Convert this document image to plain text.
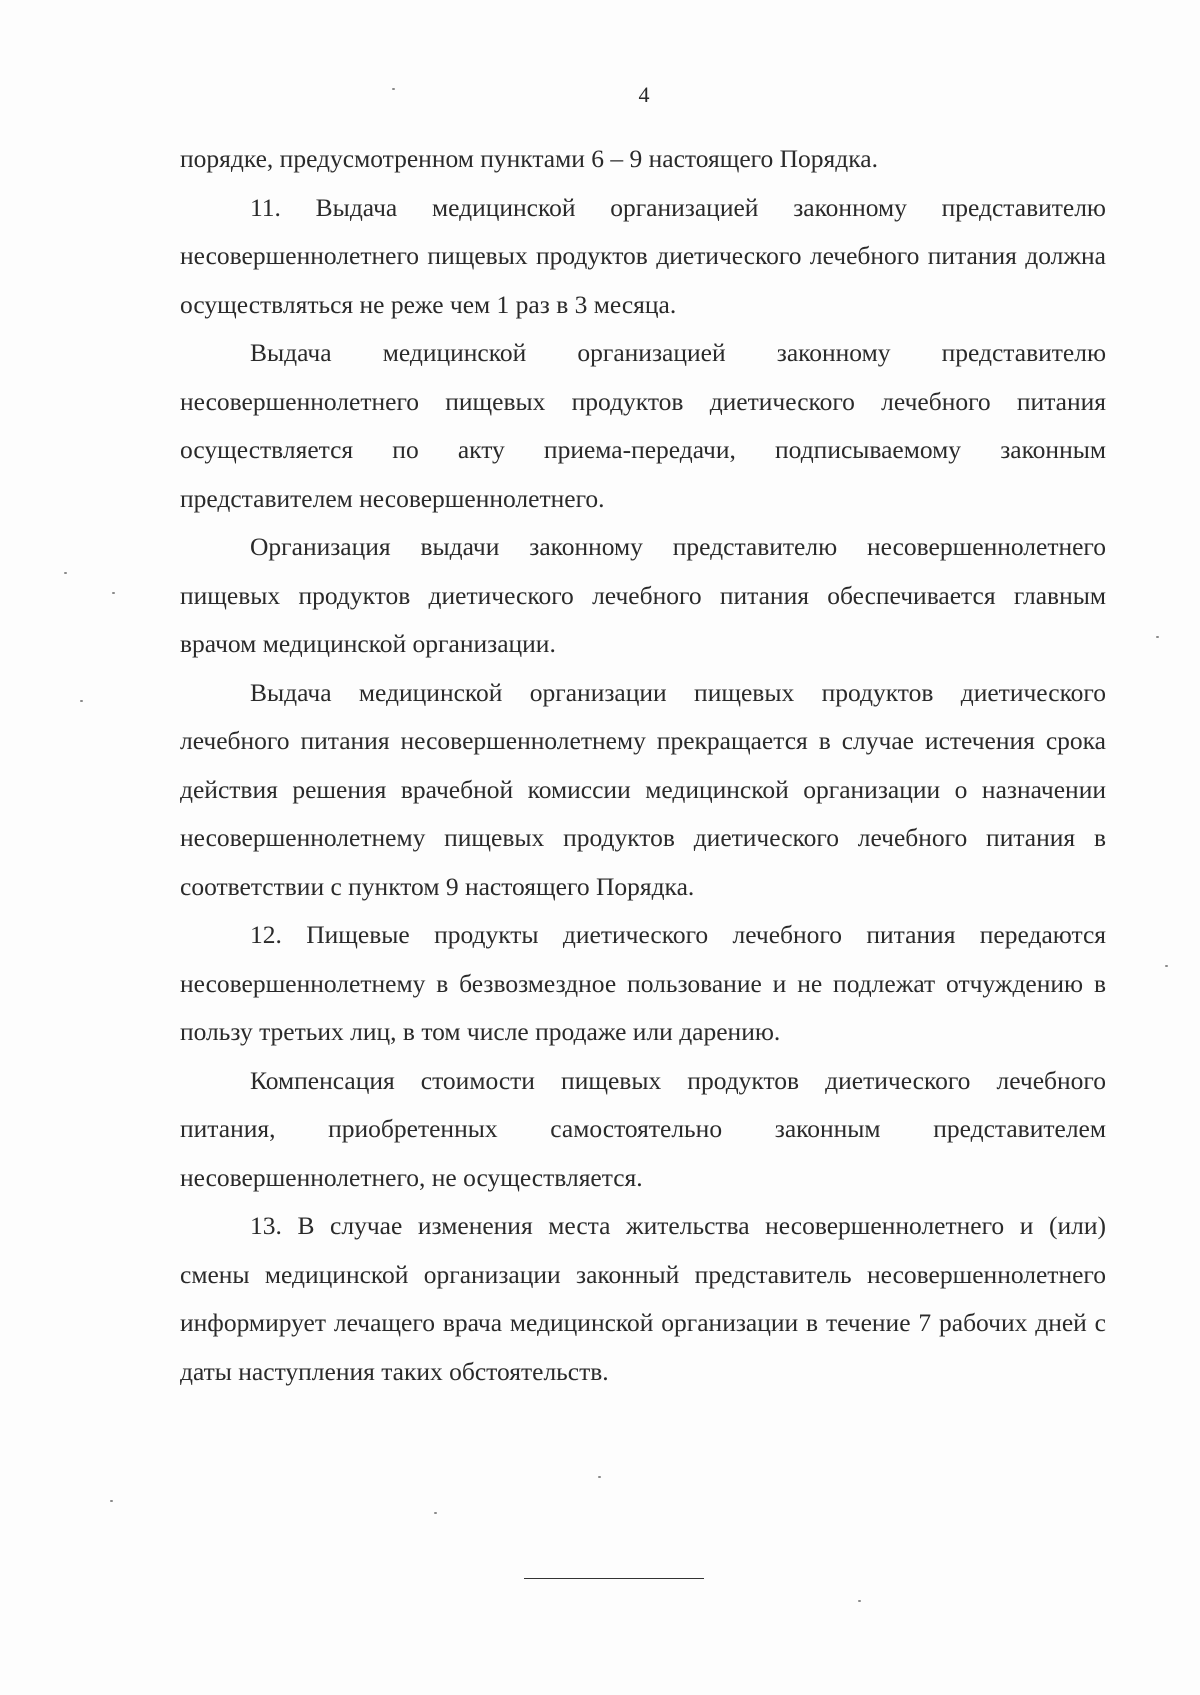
4

порядке, предусмотренном пунктами 6 – 9 настоящего Порядка.

11. Выдача медицинской организацией законному представителю несовершеннолетнего пищевых продуктов диетического лечебного питания должна осуществляться не реже чем 1 раз в 3 месяца.

Выдача медицинской организацией законному представителю несовершеннолетнего пищевых продуктов диетического лечебного питания осуществляется по акту приема-передачи, подписываемому законным представителем несовершеннолетнего.

Организация выдачи законному представителю несовершеннолетнего пищевых продуктов диетического лечебного питания обеспечивается главным врачом медицинской организации.

Выдача медицинской организации пищевых продуктов диетического лечебного питания несовершеннолетнему прекращается в случае истечения срока действия решения врачебной комиссии медицинской организации о назначении несовершеннолетнему пищевых продуктов диетического лечебного питания в соответствии с пунктом 9 настоящего Порядка.

12. Пищевые продукты диетического лечебного питания передаются несовершеннолетнему в безвозмездное пользование и не подлежат отчуждению в пользу третьих лиц, в том числе продаже или дарению.

Компенсация стоимости пищевых продуктов диетического лечебного питания, приобретенных самостоятельно законным представителем несовершеннолетнего, не осуществляется.

13. В случае изменения места жительства несовершеннолетнего и (или) смены медицинской организации законный представитель несовершеннолетнего информирует лечащего врача медицинской организации в течение 7 рабочих дней с даты наступления таких обстоятельств.
